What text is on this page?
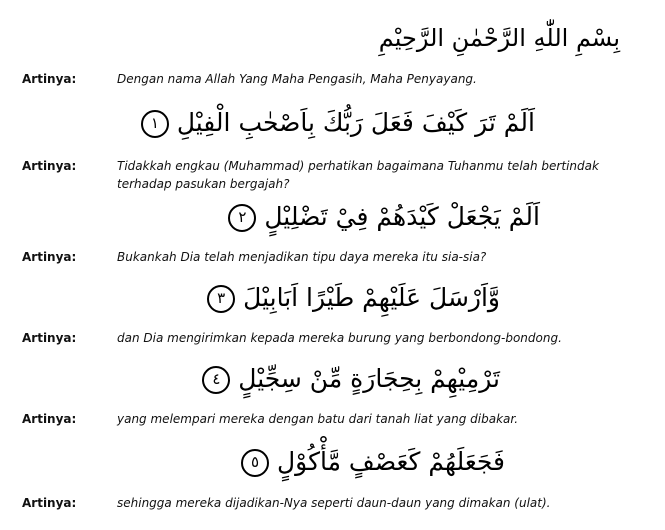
بِسْمِ اللّٰهِ الرَّحْمٰنِ الرَّحِيْمِ
Artinya:	Dengan nama Allah Yang Maha Pengasih, Maha Penyayang.
اَلَمْ تَرَ كَيْفَ فَعَلَ رَبُّكَ بِاَصْحٰبِ الْفِيْلِ ١
Artinya:	Tidakkah engkau (Muhammad) perhatikan bagaimana Tuhanmu telah bertindak terhadap pasukan bergajah?
اَلَمْ يَجْعَلْ كَيْدَهُمْ فِيْ تَضْلِيْلٍ ٢
Artinya:	Bukankah Dia telah menjadikan tipu daya mereka itu sia-sia?
وَّاَرْسَلَ عَلَيْهِمْ طَيْرًا اَبَابِيْلَ ٣
Artinya:	dan Dia mengirimkan kepada mereka burung yang berbondong-bondong.
تَرْمِيْهِمْ بِحِجَارَةٍ مِّنْ سِجِّيْلٍ ٤
Artinya:	yang melempari mereka dengan batu dari tanah liat yang dibakar.
فَجَعَلَهُمْ كَعَصْفٍ مَّأْكُوْلٍ ٥
Artinya:	sehingga mereka dijadikan-Nya seperti daun-daun yang dimakan (ulat).
